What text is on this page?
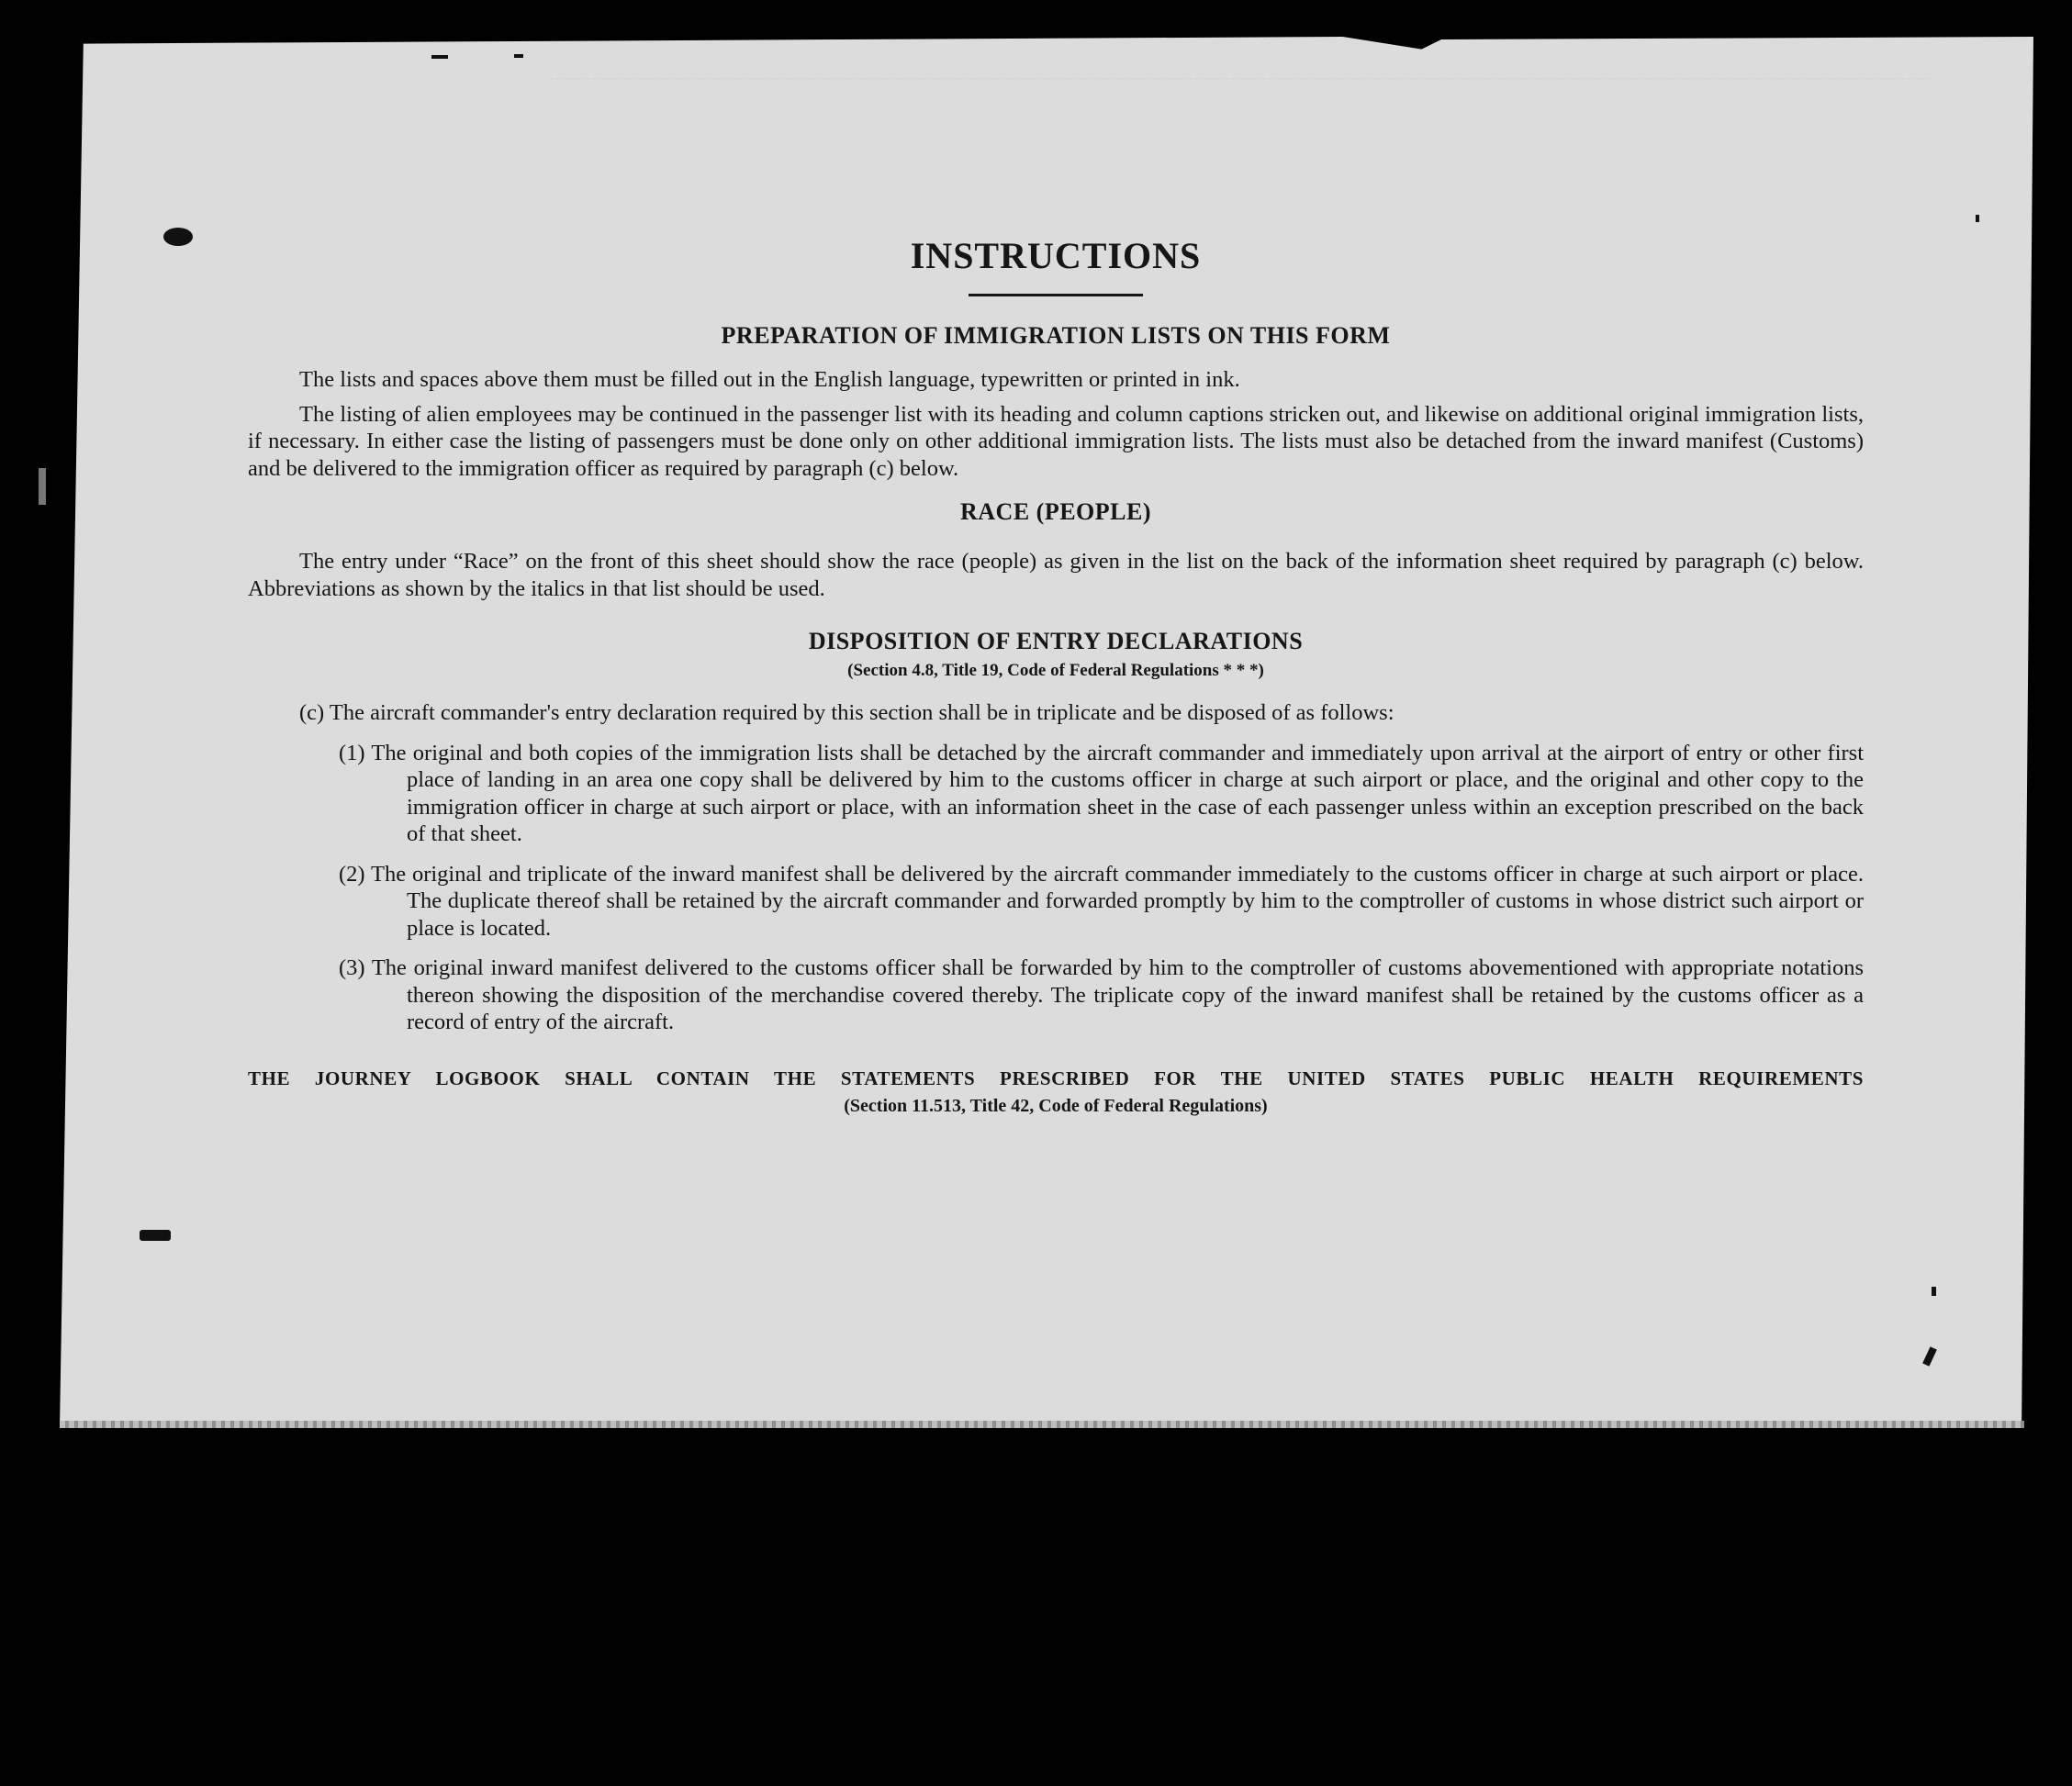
INSTRUCTIONS
PREPARATION OF IMMIGRATION LISTS ON THIS FORM

The lists and spaces above them must be filled out in the English language, typewritten or printed in ink.

The listing of alien employees may be continued in the passenger list with its heading and column captions stricken out, and likewise on additional original immigration lists, if necessary. In either case the listing of passengers must be done only on other additional immigration lists. The lists must also be detached from the inward manifest (Customs) and be delivered to the immigration officer as required by paragraph (c) below.

RACE (PEOPLE)

The entry under “Race” on the front of this sheet should show the race (people) as given in the list on the back of the information sheet required by paragraph (c) below. Abbreviations as shown by the italics in that list should be used.

DISPOSITION OF ENTRY DECLARATIONS
(Section 4.8, Title 19, Code of Federal Regulations * * *)

(c) The aircraft commander's entry declaration required by this section shall be in triplicate and be disposed of as follows:

(1) The original and both copies of the immigration lists shall be detached by the aircraft commander and immediately upon arrival at the airport of entry or other first place of landing in an area one copy shall be delivered by him to the customs officer in charge at such airport or place, and the original and other copy to the immigration officer in charge at such airport or place, with an information sheet in the case of each passenger unless within an exception prescribed on the back of that sheet.

(2) The original and triplicate of the inward manifest shall be delivered by the aircraft commander immediately to the customs officer in charge at such airport or place. The duplicate thereof shall be retained by the aircraft commander and forwarded promptly by him to the comptroller of customs in whose district such airport or place is located.

(3) The original inward manifest delivered to the customs officer shall be forwarded by him to the comptroller of customs abovementioned with appropriate notations thereon showing the disposition of the merchandise covered thereby. The triplicate copy of the inward manifest shall be retained by the customs officer as a record of entry of the aircraft.

THE JOURNEY LOGBOOK SHALL CONTAIN THE STATEMENTS PRESCRIBED FOR THE UNITED STATES PUBLIC HEALTH REQUIREMENTS

(Section 11.513, Title 42, Code of Federal Regulations)
